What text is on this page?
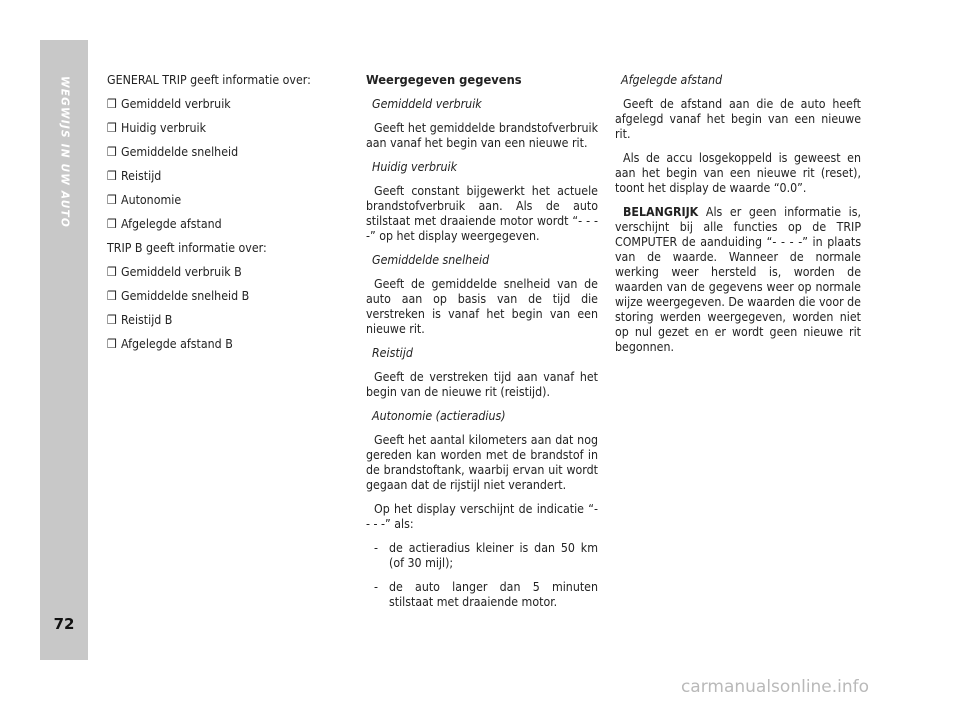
WEGWIJS IN UW AUTO
72

GENERAL TRIP geeft informatie over:

❒ Gemiddeld verbruik
❒ Huidig verbruik
❒ Gemiddelde snelheid
❒ Reistijd
❒ Autonomie
❒ Afgelegde afstand

TRIP B geeft informatie over:

❒ Gemiddeld verbruik B
❒ Gemiddelde snelheid B
❒ Reistijd B
❒ Afgelegde afstand B
Weergegeven gegevens

Gemiddeld verbruik

Geeft het gemiddelde brandstofverbruik aan vanaf het begin van een nieuwe rit.

Huidig verbruik

Geeft constant bijgewerkt het actuele brandstofverbruik aan. Als de auto stilstaat met draaiende motor wordt “- - - -” op het display weergegeven.

Gemiddelde snelheid

Geeft de gemiddelde snelheid van de auto aan op basis van de tijd die verstreken is vanaf het begin van een nieuwe rit.

Reistijd

Geeft de verstreken tijd aan vanaf het begin van de nieuwe rit (reistijd).

Autonomie (actieradius)

Geeft het aantal kilometers aan dat nog gereden kan worden met de brandstof in de brandstoftank, waarbij ervan uit wordt gegaan dat de rijstijl niet verandert.

Op het display verschijnt de indicatie “- - - -” als:

- de actieradius kleiner is dan 50 km (of 30 mijl);
- de auto langer dan 5 minuten stilstaat met draaiende motor.

Afgelegde afstand

Geeft de afstand aan die de auto heeft afgelegd vanaf het begin van een nieuwe rit.

Als de accu losgekoppeld is geweest en aan het begin van een nieuwe rit (reset), toont het display de waarde “0.0”.

BELANGRIJK Als er geen informatie is, verschijnt bij alle functies op de TRIP COMPUTER de aanduiding “- - - -” in plaats van de waarde. Wanneer de normale werking weer hersteld is, worden de waarden van de gegevens weer op normale wijze weergegeven. De waarden die voor de storing werden weergegeven, worden niet op nul gezet en er wordt geen nieuwe rit begonnen.

carmanualsonline.info
